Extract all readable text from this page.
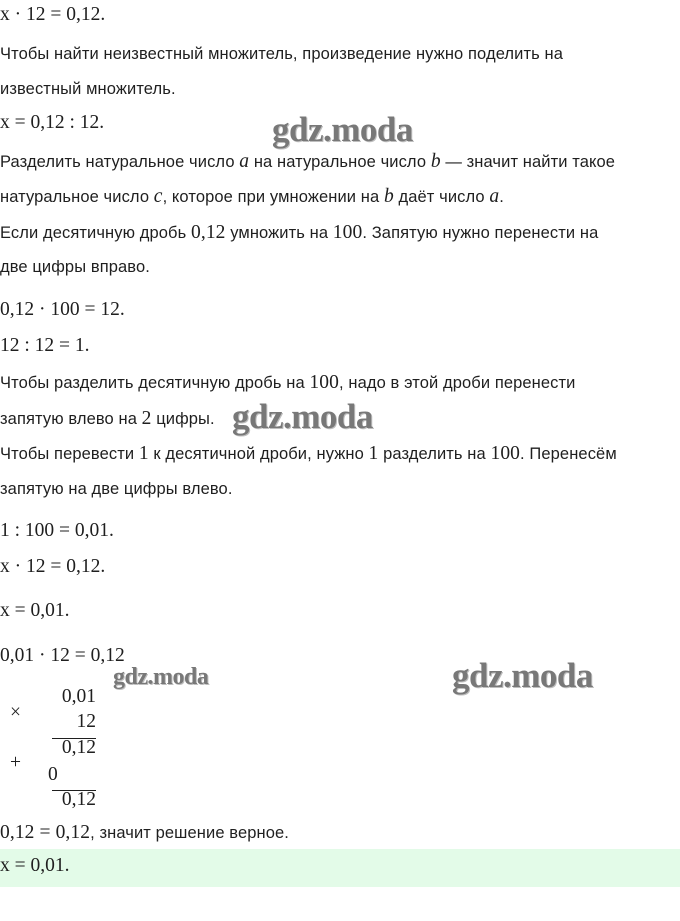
x · 12 = 0,12.
Чтобы найти неизвестный множитель, произведение нужно поделить на
известный множитель.
x = 0,12 : 12.
Разделить натуральное число a на натуральное число b — значит найти такое
натуральное число c, которое при умножении на b даёт число a.
Если десятичную дробь 0,12 умножить на 100. Запятую нужно перенести на
две цифры вправо.
0,12 · 100 = 12.
12 : 12 = 1.
Чтобы разделить десятичную дробь на 100, надо в этой дроби перенести
запятую влево на 2 цифры.
Чтобы перевести 1 к десятичной дроби, нужно 1 разделить на 100. Перенесём
запятую на две цифры влево.
1 : 100 = 0,01.
x · 12 = 0,12.
x = 0,01.
0,01 · 12 = 0,12
×
0,01
12
0,12
+
0
0,12
0,12 = 0,12, значит решение верное.
x = 0,01.
gdz.moda
gdz.moda
gdz.moda	gdz.moda
